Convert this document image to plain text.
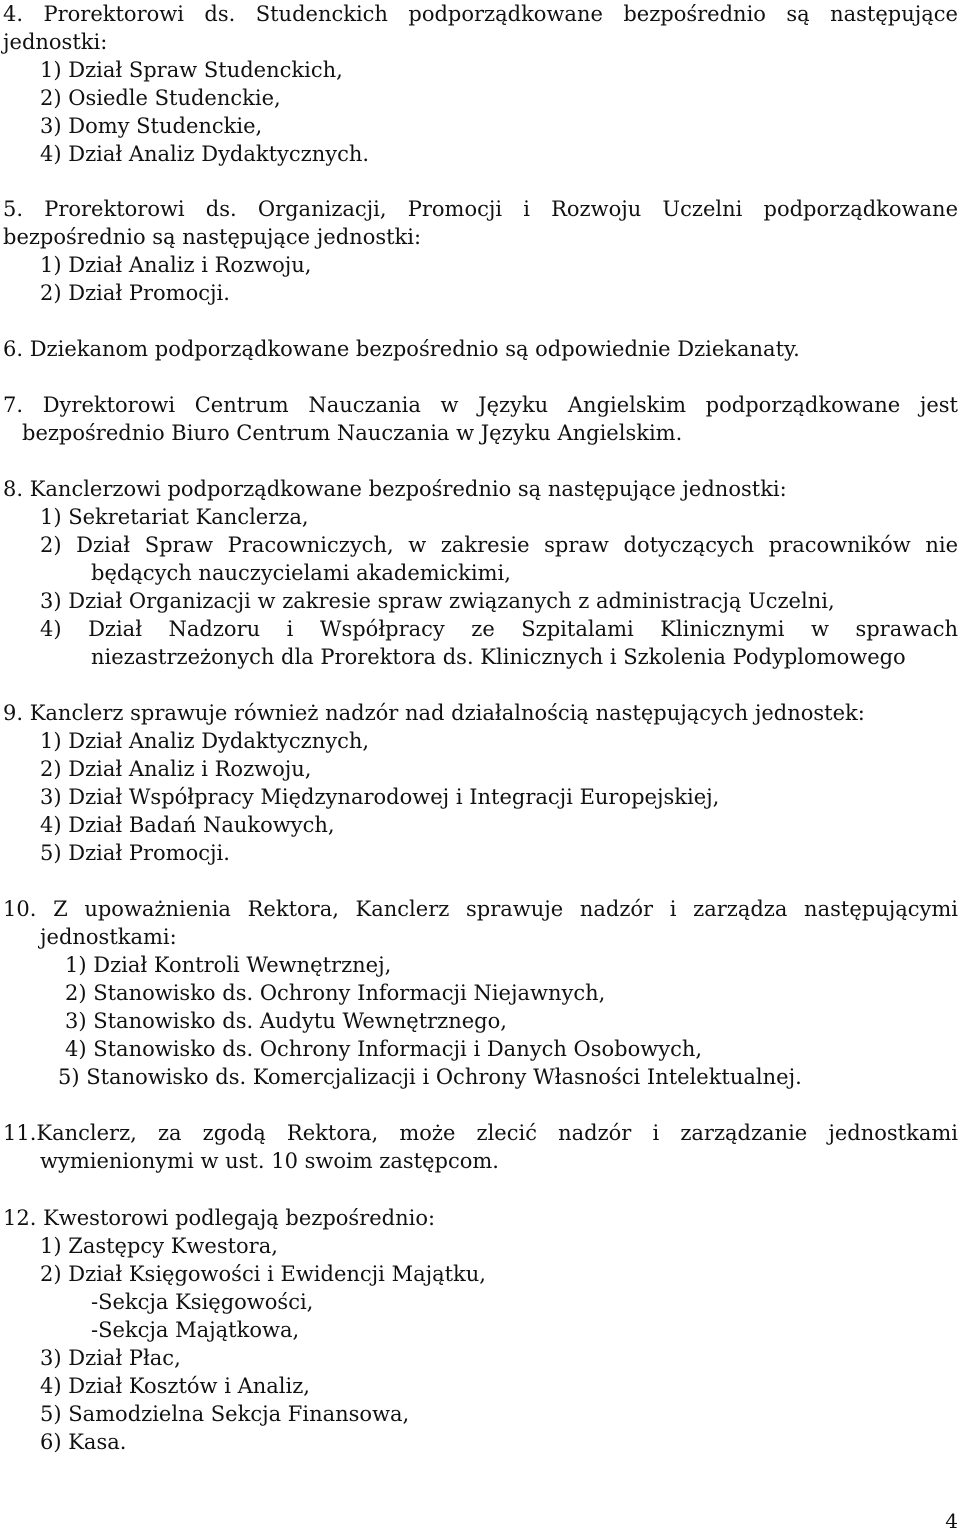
4. Prorektorowi ds. Studenckich podporządkowane bezpośrednio są następujące
jednostki:
1) Dział Spraw Studenckich,
2) Osiedle Studenckie,
3) Domy Studenckie,
4) Dział Analiz Dydaktycznych.
5. Prorektorowi ds. Organizacji, Promocji i Rozwoju Uczelni podporządkowane
bezpośrednio są następujące jednostki:
1) Dział Analiz i Rozwoju,
2) Dział Promocji.
6. Dziekanom podporządkowane bezpośrednio są odpowiednie Dziekanaty.
7. Dyrektorowi Centrum Nauczania w Języku Angielskim podporządkowane jest
bezpośrednio Biuro Centrum Nauczania w Języku Angielskim.
8. Kanclerzowi podporządkowane bezpośrednio są następujące jednostki:
1) Sekretariat Kanclerza,
2) Dział Spraw Pracowniczych, w zakresie spraw dotyczących pracowników nie
będących nauczycielami akademickimi,
3) Dział Organizacji w zakresie spraw związanych z administracją Uczelni,
4) Dział Nadzoru i Współpracy ze Szpitalami Klinicznymi w sprawach
niezastrzeżonych dla Prorektora ds. Klinicznych i Szkolenia Podyplomowego
9. Kanclerz sprawuje również nadzór nad działalnością następujących jednostek:
1) Dział Analiz Dydaktycznych,
2) Dział Analiz i Rozwoju,
3) Dział Współpracy Międzynarodowej i Integracji Europejskiej,
4) Dział Badań Naukowych,
5) Dział Promocji.
10. Z upoważnienia Rektora, Kanclerz sprawuje nadzór i zarządza następującymi
jednostkami:
1) Dział Kontroli Wewnętrznej,
2) Stanowisko ds. Ochrony Informacji Niejawnych,
3) Stanowisko ds. Audytu Wewnętrznego,
4) Stanowisko ds. Ochrony Informacji i Danych Osobowych,
5) Stanowisko ds. Komercjalizacji i Ochrony Własności Intelektualnej.
11.Kanclerz, za zgodą Rektora, może zlecić nadzór i zarządzanie jednostkami
wymienionymi w ust. 10 swoim zastępcom.
12. Kwestorowi podlegają bezpośrednio:
1) Zastępcy Kwestora,
2) Dział Księgowości i Ewidencji Majątku,
-Sekcja Księgowości,
-Sekcja Majątkowa,
3) Dział Płac,
4) Dział Kosztów i Analiz,
5) Samodzielna Sekcja Finansowa,
6) Kasa.
4
